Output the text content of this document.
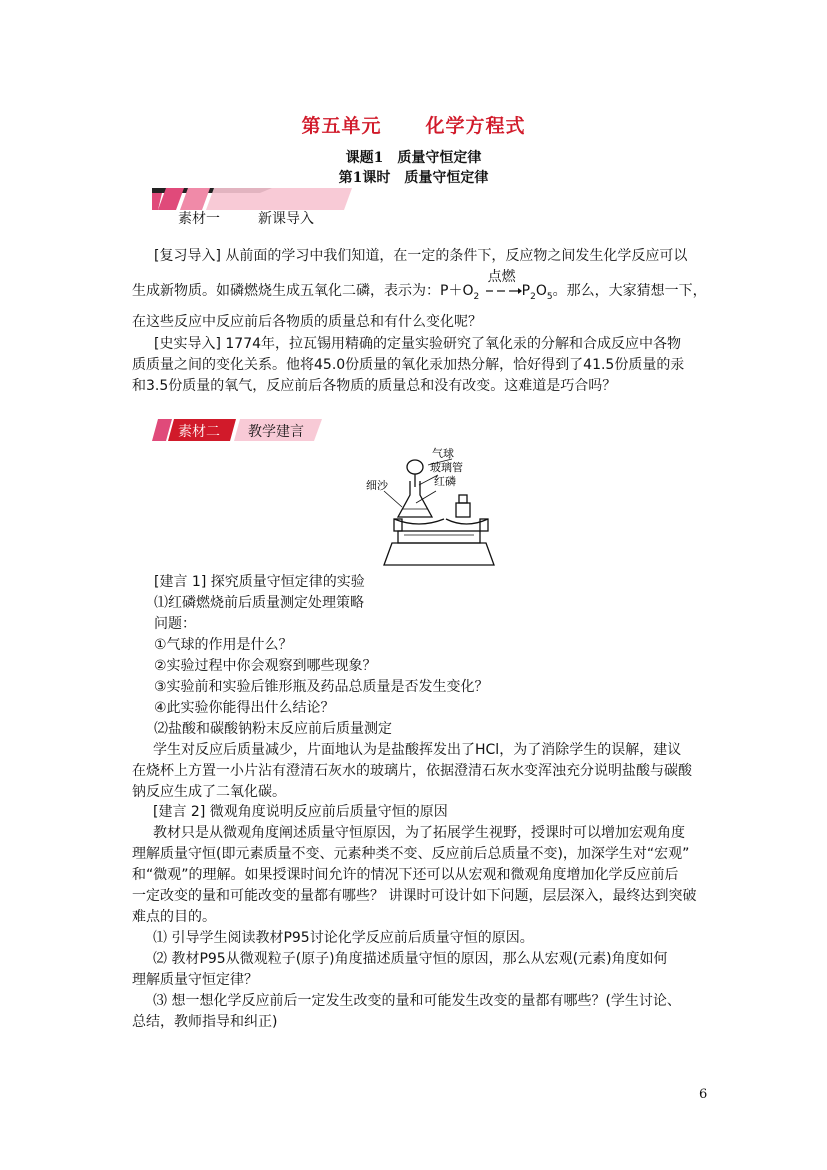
第五单元 化学方程式
课题1　质量守恒定律
第1课时　质量守恒定律
素材一	新课导入
[复习导入] 从前面的学习中我们知道，在一定的条件下，反应物之间发生化学反应可以
生成新物质。如磷燃烧生成五氧化二磷，表示为：$P+O_2$
点燃
$P_2O_5$。那么，大家猜想一下，
在这些反应中反应前后各物质的质量总和有什么变化呢？
[史实导入] 1774年，拉瓦锡用精确的定量实验研究了氧化汞的分解和合成反应中各物
质质量之间的变化关系。他将45.0份质量的氧化汞加热分解，恰好得到了41.5份质量的汞
和3.5份质量的氧气，反应前后各物质的质量总和没有改变。这难道是巧合吗？
素材二 教学建言
气球
玻璃管
红磷
细沙
[建言 1] 探究质量守恒定律的实验
⑴红磷燃烧前后质量测定处理策略
问题：
①气球的作用是什么？
②实验过程中你会观察到哪些现象？
③实验前和实验后锥形瓶及药品总质量是否发生变化？
④此实验你能得出什么结论？
⑵盐酸和碳酸钠粉末反应前后质量测定
学生对反应后质量减少，片面地认为是盐酸挥发出了HCl，为了消除学生的误解，建议
在烧杯上方置一小片沾有澄清石灰水的玻璃片，依据澄清石灰水变浑浊充分说明盐酸与碳酸
钠反应生成了二氧化碳。
[建言 2] 微观角度说明反应前后质量守恒的原因
教材只是从微观角度阐述质量守恒原因，为了拓展学生视野，授课时可以增加宏观角度
理解质量守恒(即元素质量不变、元素种类不变、反应前后总质量不变)，加深学生对“宏观”
和“微观”的理解。如果授课时间允许的情况下还可以从宏观和微观角度增加化学反应前后
一定改变的量和可能改变的量都有哪些？ 讲课时可设计如下问题，层层深入，最终达到突破
难点的目的。
⑴ 引导学生阅读教材P95讨论化学反应前后质量守恒的原因。
⑵ 教材P95从微观粒子(原子)角度描述质量守恒的原因，那么从宏观(元素)角度如何
理解质量守恒定律？
⑶ 想一想化学反应前后一定发生改变的量和可能发生改变的量都有哪些？(学生讨论、
总结，教师指导和纠正)
6
